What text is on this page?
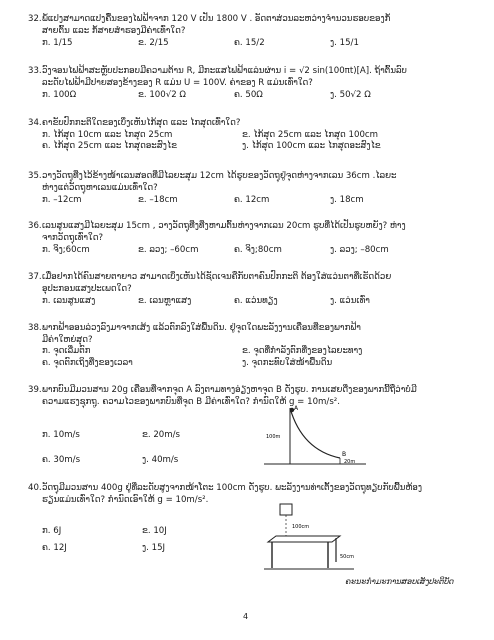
32. ພໍ້ແປງສາມາດແປງຄື້ນຂອງໄຟຟ້າຈາກ 120 V ເປັນ 1800 V . ອັດຕາສ່ວນລະຫວ່າງຈຳນວນຮອບຂອງກໍ້
ສາຍຕົ້ນ ແລະ ກໍ້ສາຍສຳຮອງມີຄ່າເທົ່າໃດ?
ກ. 1/15	ຂ. 2/15	ຄ. 15/2	ງ. 15/1
33. ວົງຈອນໄຟຟ້າສະຫຼັບປະກອບມີຄວາມຕ້ານ R, ມີກະແສໄຟຟ້າແລ່ນຜ່ານ i = √2 sin(100πt)[A]. ຖ້າຕົ້ນລົບ
ລະດັບໄຟຟ້າມີປາຍສອງຂ້າງຂອງ R ແມ່ນ U = 100V. ຄ່າຂອງ R ແມ່ນເທົ່າໃດ?
ກ. 100Ω	ຂ. 100√2 Ω	ຄ. 50Ω	ງ. 50√2 Ω
34. ຄາຂັບປົກກະຕິໃດຂອງເບິ່ງເຫັນໄກ້ສຸດ ແລະ ໄກສຸດເທົ່າໃດ?
ກ. ໄກ້ສຸດ 10cm ແລະ ໄກສຸດ 25cm	ຂ. ໄກ້ສຸດ 25cm ແລະ ໄກສຸດ 100cm
ຄ. ໄກ້ສຸດ 25cm ແລະ ໄກສຸດອະສົງໄຂ	ງ. ໄກ້ສຸດ 100cm ແລະ ໄກສຸດອະສົງໄຂ
35. ວາງວັດຖຸທີ່ງໄວ້ຂ້າງໜ້າເລນສອດທີ່ມີໄລຍະສຸມ 12cm ໄດ້ຮູບຂອງວັດຖຸຢູ່ຈຸດຫ່າງຈາກເລນ 36cm .ໄລຍະ
ຫ່າງແຕ່ວັດຖຸຫາເລນແມ່ນເທົ່າໃດ?
ກ. –12cm	ຂ. –18cm	ຄ. 12cm	ງ. 18cm
36. ເລນສູນແສງມີໄລຍະສຸມ 15cm , ວາງວັດຖຸທີ່ງທີ່ງຫາມຕົ້ນຫ່າງຈາກເລນ 20cm ຮູບທີ່ໄດ້ເປັນຮູບຫຍັງ? ຫ່າງ
ຈາກວັດຖຸເທົ່າໃດ?
ກ. ຈິງ;60cm	ຂ. ລວງ; –60cm	ຄ. ຈິງ;80cm	ງ. ລວງ; –80cm
37. ເມື່ອຢາກໄດ້ຄົນສາຍຕາຍາວ ສາມາດເບິ່ງເຫັນໄດ້ຊັດເຈນຄືກັບຕາຄົນປົກກະຕິ ຕ້ອງໃສ່ແວ່ນຕາທີ່ເຮັດດ້ວຍ
ອຸປະກອນແສງປະເພດໃດ?
ກ. ເລນສູນແສງ	ຂ. ເລນຫຼາແສງ	ຄ. ແວ່ນທຽງ	ງ. ແວ່ນເທົ່າ
38. ພາກຟ້າອອນລ່ວງລົງມາຈາກເສ້ງ ແລ້ວຕົກລົງໃສ່ພື້ນດິນ. ຢູ່ຈຸດໃດພະລັງງານເຄື່ອນທີ່ຂອງພາກຟ້າ
ມີຄ່າໃຫຍ່ສຸດ?
ກ. ຈຸດເລີ່ມຕົກ	ຂ. ຈຸດທີ່ກຳລັງຕົກທີ່ງຂອງໄລຍະທາງ
ຄ. ຈຸດຕົກເຖິງທີ່ງຂອງເວລາ	ງ. ຈຸດກະທົບໃສ່ໜ້າພື້ນດິນ
39. ພາກບົນມີມວນສານ 20g ເຄື່ອນທີ່ຈາກຈຸດ A ລົງຕາມທາງອ່ຽງຫາຈຸດ B ດັ່ງຮູບ. ການເສຍດີ່ງຂອງພາກນີ້ຖືວ່າບໍ່ມີ
ຄວາມແຮງຊຸກຖູ. ຄວາມໄວຂອງພາກບົນທີ່ຈຸດ B ມີຄ່າເທົ່າໃດ? ກຳນົດໃຫ້ g = 10m/s².
ກ. 10m/s	ຂ. 20m/s
ຄ. 30m/s	ງ. 40m/s
A
B
100m
20m
40. ວັດຖຸມີມວນສານ 400g ຢູ່ທີ່ລະດັບສູງຈາກໜ້າໂຕະ 100cm ດັ່ງຮູບ. ພະລັງງານທ່າເຕັ້ງຂອງວັດຖຸທຽບກັບພື້ນຫ້ອງ
ຮຽນແມ່ນເທົ່າໃດ? ກຳນົດເອົາໃຫ້ g = 10m/s².
ກ. 6J	ຂ. 10J
ຄ. 12J	ງ. 15J
100cm
50cm
ຄະນະກຳມະການສອບເສັງປະຕິບັດ
4
